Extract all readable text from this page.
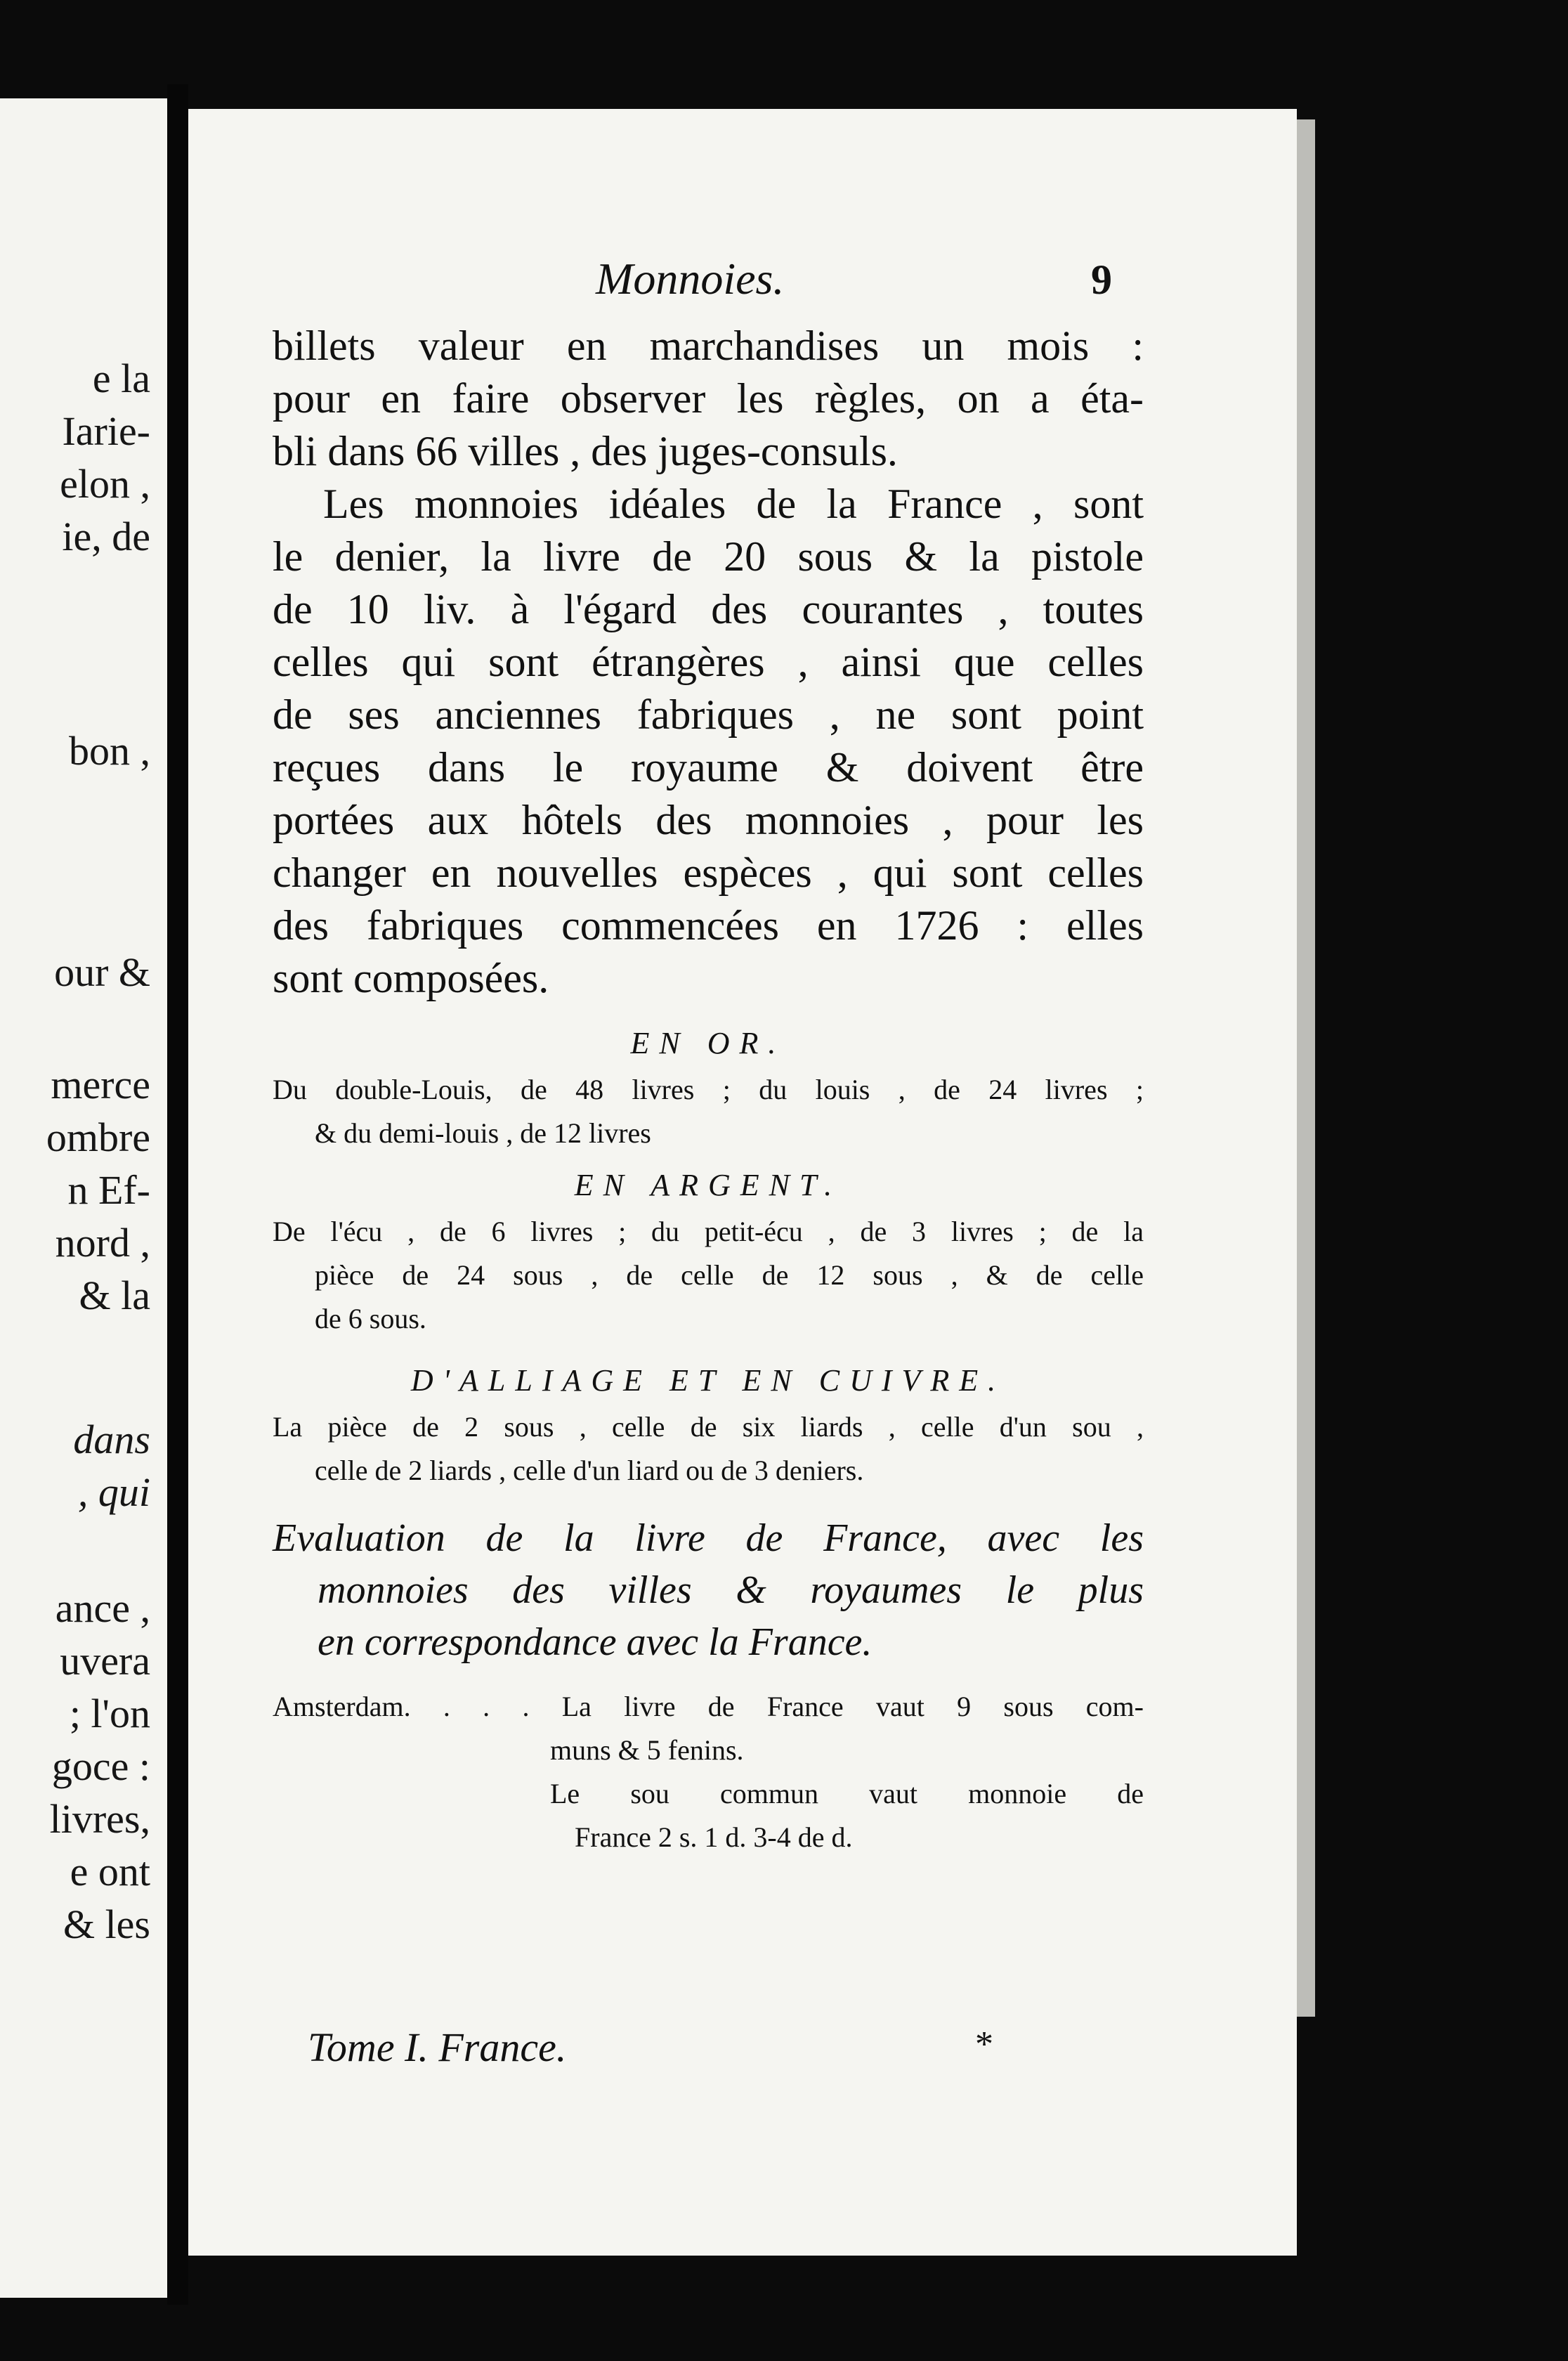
e la
Iarie-
elon ,
ie, de
bon ,
our &
merce
ombre
n Ef-
nord ,
& la
dans
, qui
ance ,
uvera
; l'on
goce :
livres,
e ont
& les
Monnoies.	9
billets valeur en marchandises un mois :
pour en faire observer les règles, on a éta-
bli dans 66 villes , des juges-consuls.
Les monnoies idéales de la France , sont
le denier, la livre de 20 sous & la pistole
de 10 liv. à l'égard des courantes , toutes
celles qui sont étrangères , ainsi que celles
de ses anciennes fabriques , ne sont point
reçues dans le royaume & doivent être
portées aux hôtels des monnoies , pour les
changer en nouvelles espèces , qui sont celles
des fabriques commencées en 1726 : elles
sont composées.
EN OR.
Du double-Louis, de 48 livres ; du louis , de 24 livres ;
& du demi-louis , de 12 livres
EN ARGENT.
De l'écu , de 6 livres ; du petit-écu , de 3 livres ; de la
pièce de 24 sous , de celle de 12 sous , & de celle
de 6 sous.
D'ALLIAGE ET EN CUIVRE.
La pièce de 2 sous , celle de six liards , celle d'un sou ,
celle de 2 liards , celle d'un liard ou de 3 deniers.
Evaluation de la livre de France, avec les
monnoies des villes & royaumes le plus
en correspondance avec la France.
Amsterdam. . . . La livre de France vaut 9 sous com-
muns & 5 fenins.
Le sou commun vaut monnoie de
France 2 s. 1 d. 3-4 de d.
Tome I. France.	*
